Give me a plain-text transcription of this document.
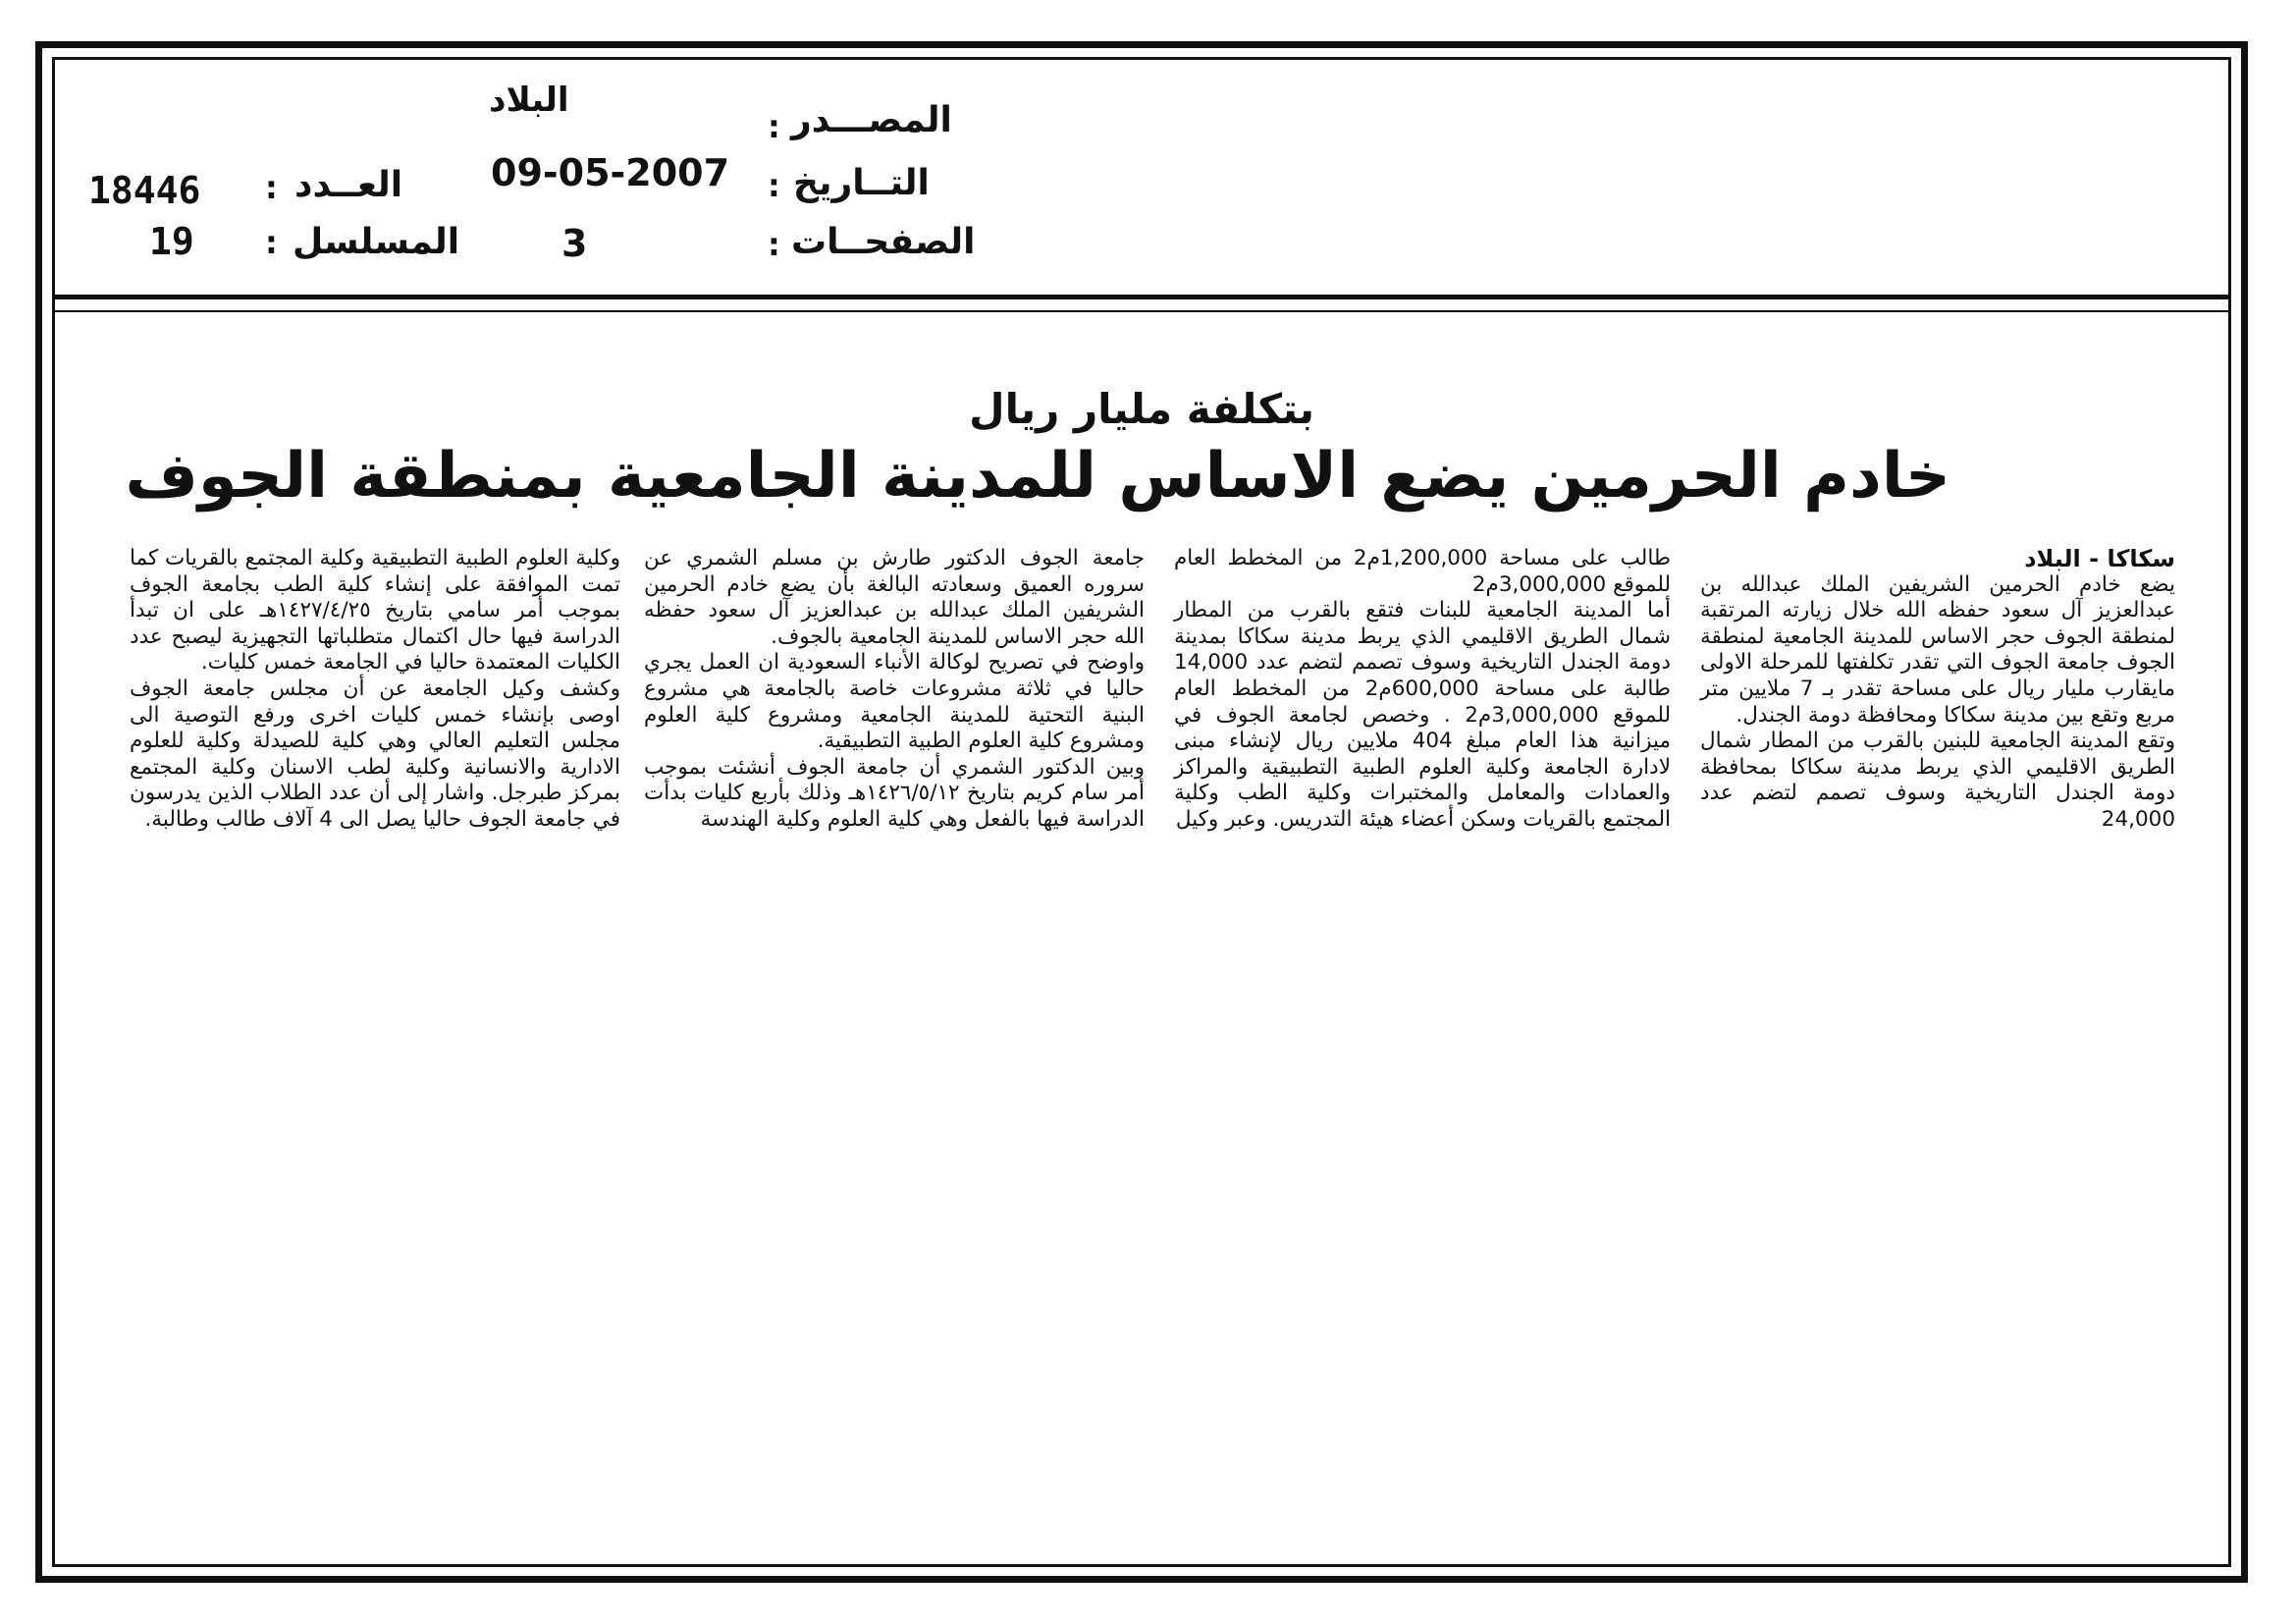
البلاد	المصـــدر
:
09-05-2007 التــاريخ
:
3	الصفحــات
:
18446 : العــدد
19 : المسلسل
بتكلفة مليار ريال
خادم الحرمين يضع الاساس للمدينة الجامعية بمنطقة الجوف

سكاكا - البلاد

يضع خادم الحرمين الشريفين الملك عبدالله بن عبدالعزيز آل سعود حفظه الله خلال زيارته المرتقبة لمنطقة الجوف حجر الاساس للمدينة الجامعية لمنطقة الجوف جامعة الجوف التي تقدر تكلفتها للمرحلة الاولى مايقارب مليار ريال على مساحة تقدر بـ 7 ملايين متر مربع وتقع بين مدينة سكاكا ومحافظة دومة الجندل.

وتقع المدينة الجامعية للبنين بالقرب من المطار شمال الطريق الاقليمي الذي يربط مدينة سكاكا بمحافظة دومة الجندل التاريخية وسوف تصمم لتضم عدد 24,000

طالب على مساحة 1,200,000م2 من المخطط العام للموقع 3,000,000م2

أما المدينة الجامعية للبنات فتقع بالقرب من المطار شمال الطريق الاقليمي الذي يربط مدينة سكاكا بمدينة دومة الجندل التاريخية وسوف تصمم لتضم عدد 14,000 طالبة على مساحة 600,000م2 من المخطط العام للموقع 3,000,000م2 . وخصص لجامعة الجوف في ميزانية هذا العام مبلغ 404 ملايين ريال لإنشاء مبنى لادارة الجامعة وكلية العلوم الطبية التطبيقية والمراكز والعمادات والمعامل والمختبرات وكلية الطب وكلية المجتمع بالقريات وسكن أعضاء هيئة التدريس. وعبر وكيل

جامعة الجوف الدكتور طارش بن مسلم الشمري عن سروره العميق وسعادته البالغة بأن يضع خادم الحرمين الشريفين الملك عبدالله بن عبدالعزيز آل سعود حفظه الله حجر الاساس للمدينة الجامعية بالجوف.

واوضح في تصريح لوكالة الأنباء السعودية ان العمل يجري حاليا في ثلاثة مشروعات خاصة بالجامعة هي مشروع البنية التحتية للمدينة الجامعية ومشروع كلية العلوم ومشروع كلية العلوم الطبية التطبيقية.

وبين الدكتور الشمري أن جامعة الجوف أنشئت بموجب أمر سام كريم بتاريخ ١٤٢٦/٥/١٢هـ وذلك بأربع كليات بدأت الدراسة فيها بالفعل وهي كلية العلوم وكلية الهندسة

وكلية العلوم الطبية التطبيقية وكلية المجتمع بالقريات كما تمت الموافقة على إنشاء كلية الطب بجامعة الجوف بموجب أمر سامي بتاريخ ١٤٢٧/٤/٢٥هـ على ان تبدأ الدراسة فيها حال اكتمال متطلباتها التجهيزية ليصبح عدد الكليات المعتمدة حاليا في الجامعة خمس كليات.

وكشف وكيل الجامعة عن أن مجلس جامعة الجوف اوصى بإنشاء خمس كليات اخرى ورفع التوصية الى مجلس التعليم العالي وهي كلية للصيدلة وكلية للعلوم الادارية والانسانية وكلية لطب الاسنان وكلية المجتمع بمركز طبرجل. واشار إلى أن عدد الطلاب الذين يدرسون في جامعة الجوف حاليا يصل الى 4 آلاف طالب وطالبة.
